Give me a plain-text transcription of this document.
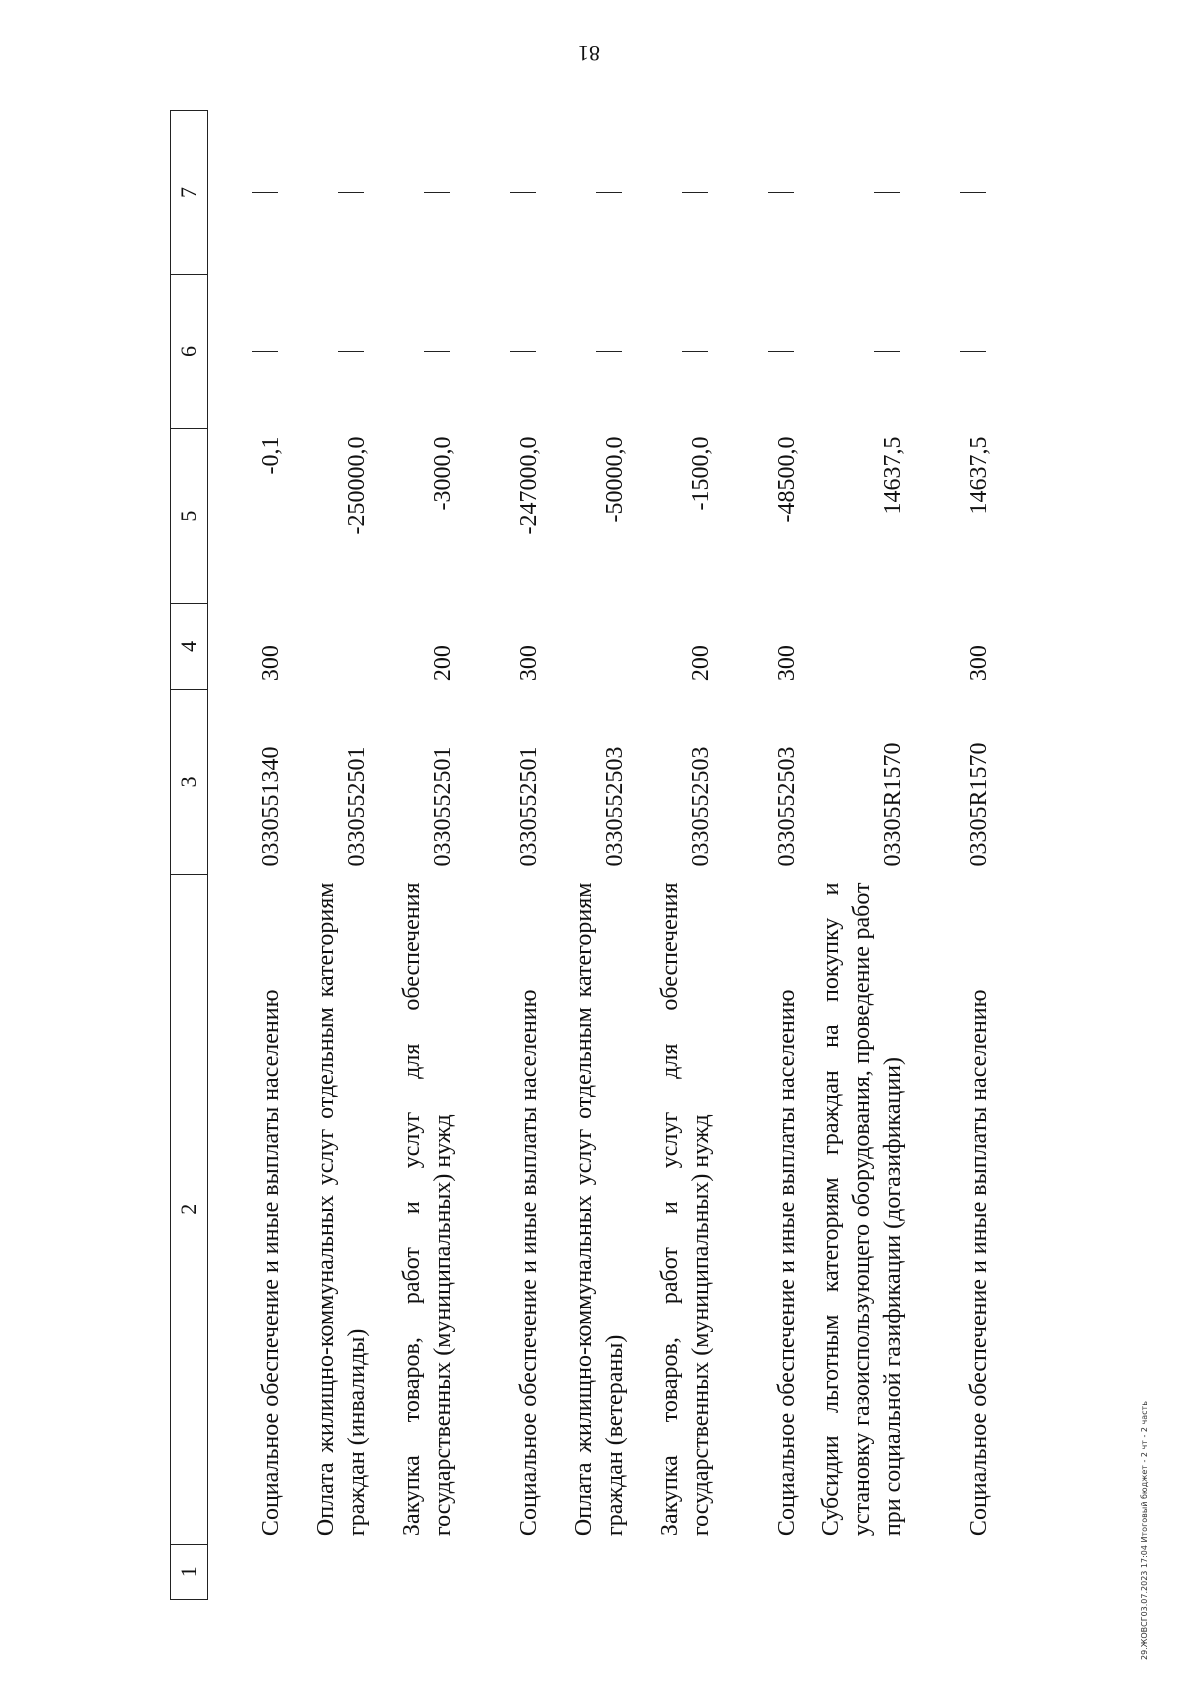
81
1	2	3	4	5	6	7
	Социальное обеспечение и иные выплаты населению	0330551340	300	-0,1		
	Оплата жилищно-коммунальных услуг отдельным категориям граждан (инвалиды)	0330552501		-250000,0		
	Закупка товаров, работ и услуг для обеспечения государственных (муниципальных) нужд	0330552501	200	-3000,0		
	Социальное обеспечение и иные выплаты населению	0330552501	300	-247000,0		
	Оплата жилищно-коммунальных услуг отдельным категориям граждан (ветераны)	0330552503		-50000,0		
	Закупка товаров, работ и услуг для обеспечения государственных (муниципальных) нужд	0330552503	200	-1500,0		
	Социальное обеспечение и иные выплаты населению	0330552503	300	-48500,0		
	Субсидии льготным категориям граждан на покупку и установку газоиспользующего оборудования, проведение работ при социальной газификации (догазификации)	03305R1570		14637,5		
	Социальное обеспечение и иные выплаты населению	03305R1570	300	14637,5		
29.ЖОВСГ03.07.2023 17:04 Итоговый бюджет - 2 чт - 2 часть
